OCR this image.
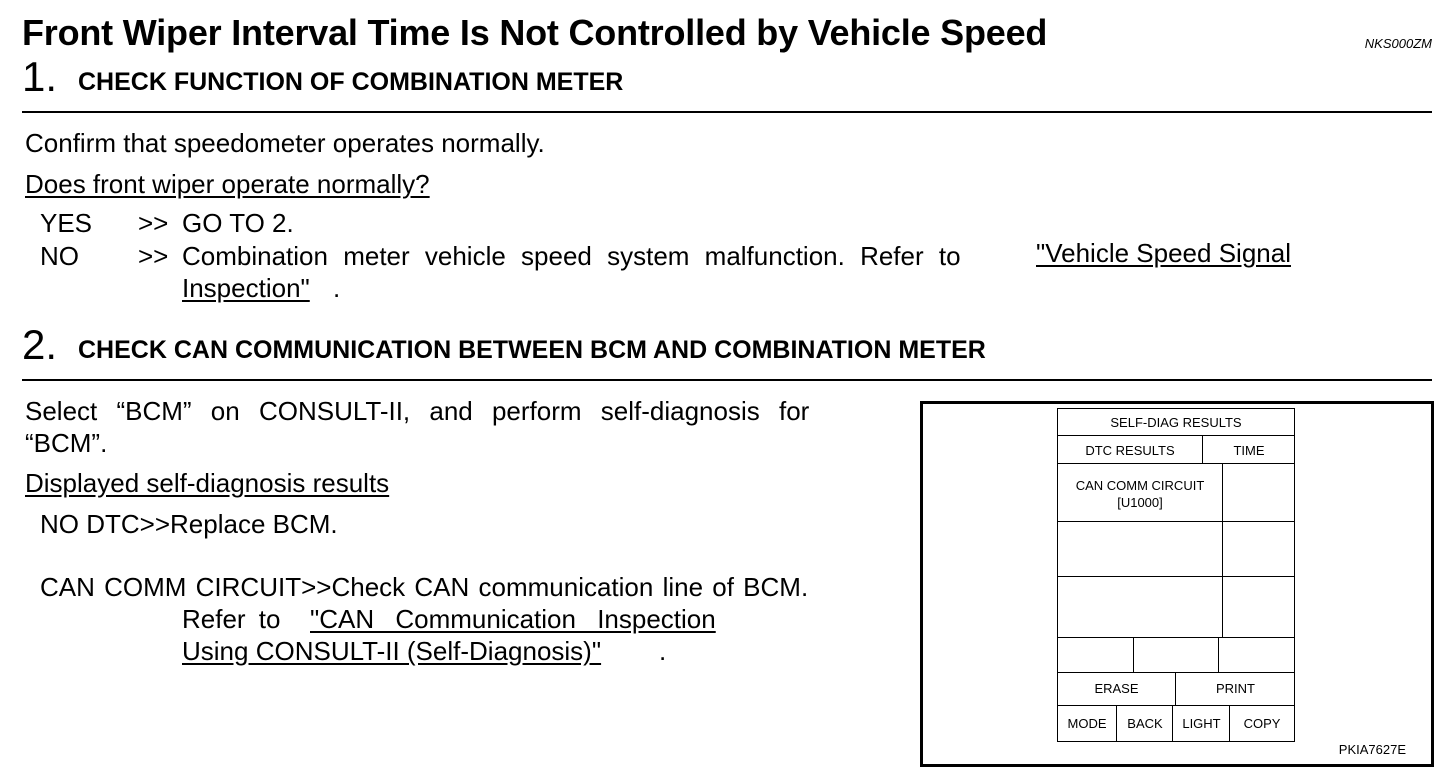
Front Wiper Interval Time Is Not Controlled by Vehicle Speed	NKS000ZM
1. CHECK FUNCTION OF COMBINATION METER
Confirm that speedometer operates normally.
Does front wiper operate normally?
YES >> GO TO 2.
NO >> Combination meter vehicle speed system malfunction. Refer to	"Vehicle Speed Signal
Inspection" .
2. CHECK CAN COMMUNICATION BETWEEN BCM AND COMBINATION METER
Select “BCM” on CONSULT-II, and perform self-diagnosis for
“BCM”.
Displayed self-diagnosis results
NO DTC>>Replace BCM.
CAN COMM CIRCUIT>>Check CAN communication line of BCM.
Refer to "CAN Communication Inspection
Using CONSULT-II (Self-Diagnosis)" .
SELF-DIAG RESULTS
DTC RESULTS	TIME
CAN COMM CIRCUIT
[U1000]
ERASE	PRINT
MODE	BACK	LIGHT	COPY
PKIA7627E
